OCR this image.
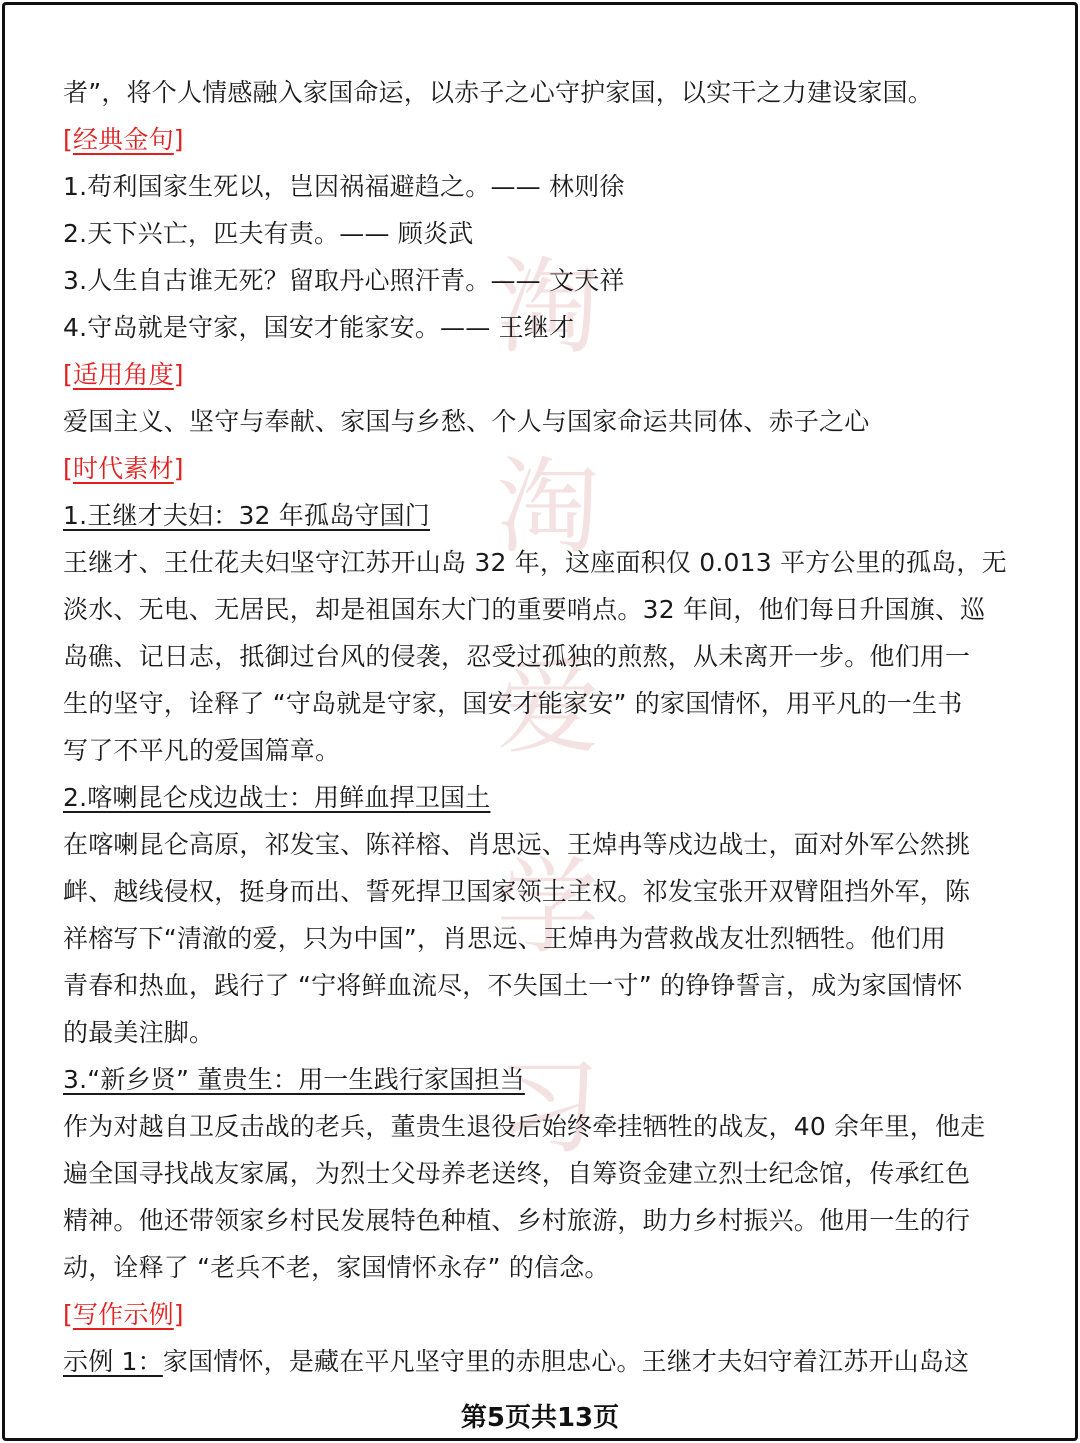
淘
淘
爱
学
习
者”，将个人情感融入家国命运，以赤子之心守护家国，以实干之力建设家国。
[经典金句]
1.苟利国家生死以，岂因祸福避趋之。—— 林则徐
2.天下兴亡，匹夫有责。—— 顾炎武
3.人生自古谁无死？留取丹心照汗青。—— 文天祥
4.守岛就是守家，国安才能家安。—— 王继才
[适用角度]
爱国主义、坚守与奉献、家国与乡愁、个人与国家命运共同体、赤子之心
[时代素材]
1.王继才夫妇：32 年孤岛守国门
王继才、王仕花夫妇坚守江苏开山岛 32 年，这座面积仅 0.013 平方公里的孤岛，无
淡水、无电、无居民，却是祖国东大门的重要哨点。32 年间，他们每日升国旗、巡
岛礁、记日志，抵御过台风的侵袭，忍受过孤独的煎熬，从未离开一步。他们用一
生的坚守，诠释了 “守岛就是守家，国安才能家安” 的家国情怀，用平凡的一生书
写了不平凡的爱国篇章。
2.喀喇昆仑戍边战士：用鲜血捍卫国土
在喀喇昆仑高原，祁发宝、陈祥榕、肖思远、王焯冉等戍边战士，面对外军公然挑
衅、越线侵权，挺身而出、誓死捍卫国家领土主权。祁发宝张开双臂阻挡外军，陈
祥榕写下“清澈的爱，只为中国”，肖思远、王焯冉为营救战友壮烈牺牲。他们用
青春和热血，践行了 “宁将鲜血流尽，不失国土一寸” 的铮铮誓言，成为家国情怀
的最美注脚。
3.“新乡贤” 董贵生：用一生践行家国担当
作为对越自卫反击战的老兵，董贵生退役后始终牵挂牺牲的战友，40 余年里，他走
遍全国寻找战友家属，为烈士父母养老送终，自筹资金建立烈士纪念馆，传承红色
精神。他还带领家乡村民发展特色种植、乡村旅游，助力乡村振兴。他用一生的行
动，诠释了 “老兵不老，家国情怀永存” 的信念。
[写作示例]
示例 1：家国情怀，是藏在平凡坚守里的赤胆忠心。王继才夫妇守着江苏开山岛这
第5页共13页
